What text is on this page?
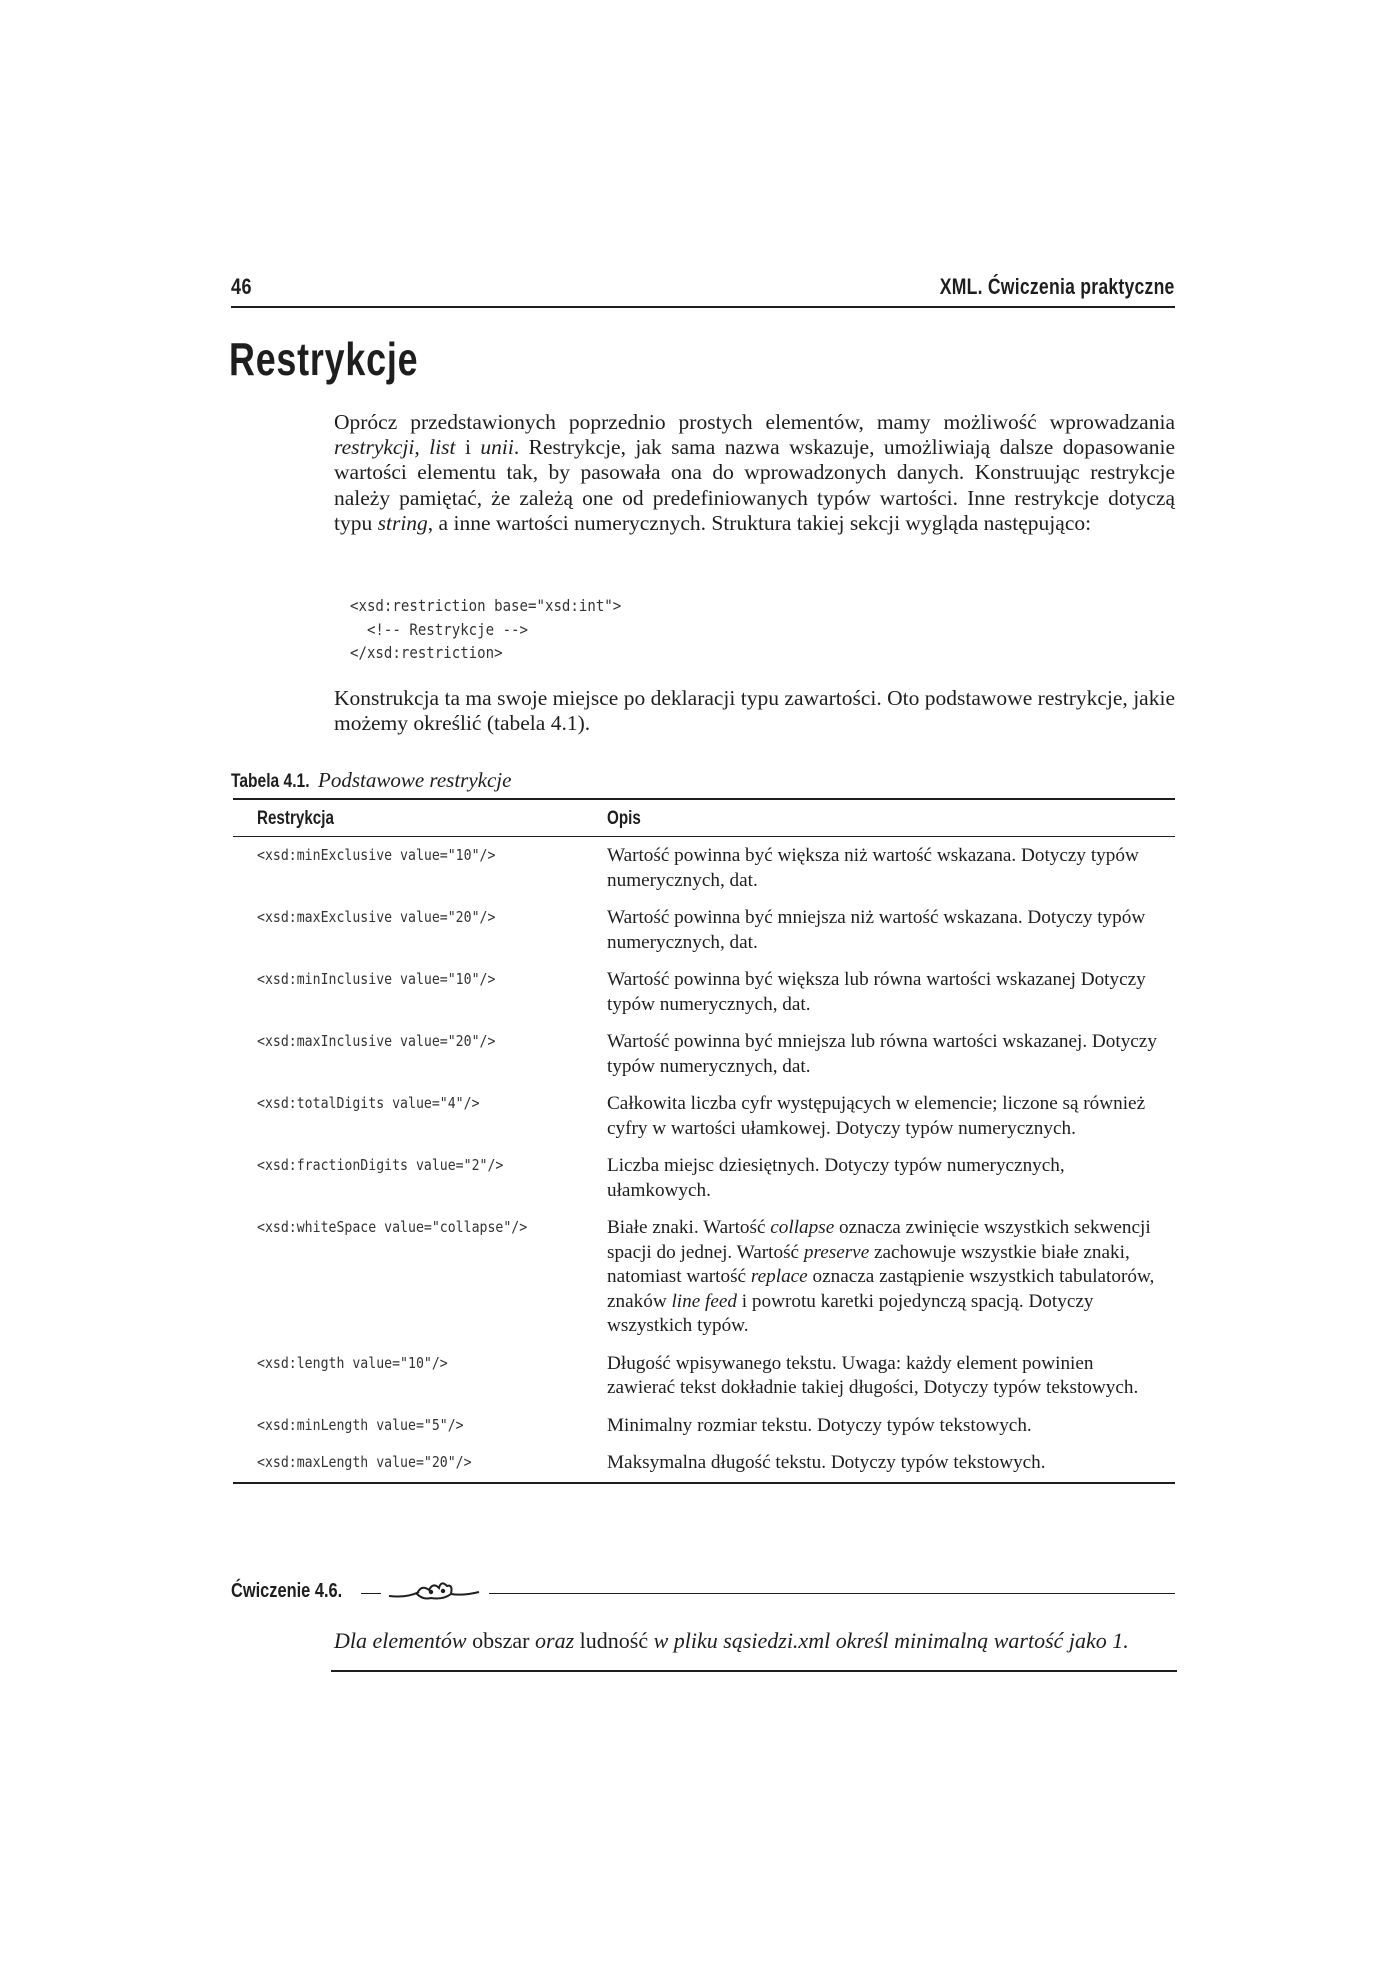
46	XML. Ćwiczenia praktyczne
Restrykcje

Oprócz przedstawionych poprzednio prostych elementów, mamy możliwość wprowadzania restrykcji, list i unii. Restrykcje, jak sama nazwa wskazuje, umożliwiają dalsze dopasowanie wartości elementu tak, by pasowała ona do wprowadzonych danych. Konstruując restrykcje należy pamiętać, że zależą one od predefiniowanych typów wartości. Inne restrykcje dotyczą typu string, a inne wartości numerycznych. Struktura takiej sekcji wygląda następująco:

<xsd:restriction base="xsd:int">
<!-- Restrykcje -->
</xsd:restriction>

Konstrukcja ta ma swoje miejsce po deklaracji typu zawartości. Oto podstawowe restrykcje, jakie możemy określić (tabela 4.1).

Tabela 4.1. Podstawowe restrykcje
Restrykcja	Opis
<xsd:minExclusive value="10"/>	Wartość powinna być większa niż wartość wskazana. Dotyczy typów numerycznych, dat.
<xsd:maxExclusive value="20"/>	Wartość powinna być mniejsza niż wartość wskazana. Dotyczy typów numerycznych, dat.
<xsd:minInclusive value="10"/>	Wartość powinna być większa lub równa wartości wskazanej Dotyczy typów numerycznych, dat.
<xsd:maxInclusive value="20"/>	Wartość powinna być mniejsza lub równa wartości wskazanej. Dotyczy typów numerycznych, dat.
<xsd:totalDigits value="4"/>	Całkowita liczba cyfr występujących w elemencie; liczone są również cyfry w wartości ułamkowej. Dotyczy typów numerycznych.
<xsd:fractionDigits value="2"/>	Liczba miejsc dziesiętnych. Dotyczy typów numerycznych, ułamkowych.
<xsd:whiteSpace value="collapse"/>	Białe znaki. Wartość collapse oznacza zwinięcie wszystkich sekwencji spacji do jednej. Wartość preserve zachowuje wszystkie białe znaki, natomiast wartość replace oznacza zastąpienie wszystkich tabulatorów, znaków line feed i powrotu karetki pojedynczą spacją. Dotyczy wszystkich typów.
<xsd:length value="10"/>	Długość wpisywanego tekstu. Uwaga: każdy element powinien zawierać tekst dokładnie takiej długości, Dotyczy typów tekstowych.
<xsd:minLength value="5"/>	Minimalny rozmiar tekstu. Dotyczy typów tekstowych.
<xsd:maxLength value="20"/>	Maksymalna długość tekstu. Dotyczy typów tekstowych.
Ćwiczenie 4.6.
Dla elementów obszar oraz ludność w pliku sąsiedzi.xml określ minimalną wartość jako 1.
